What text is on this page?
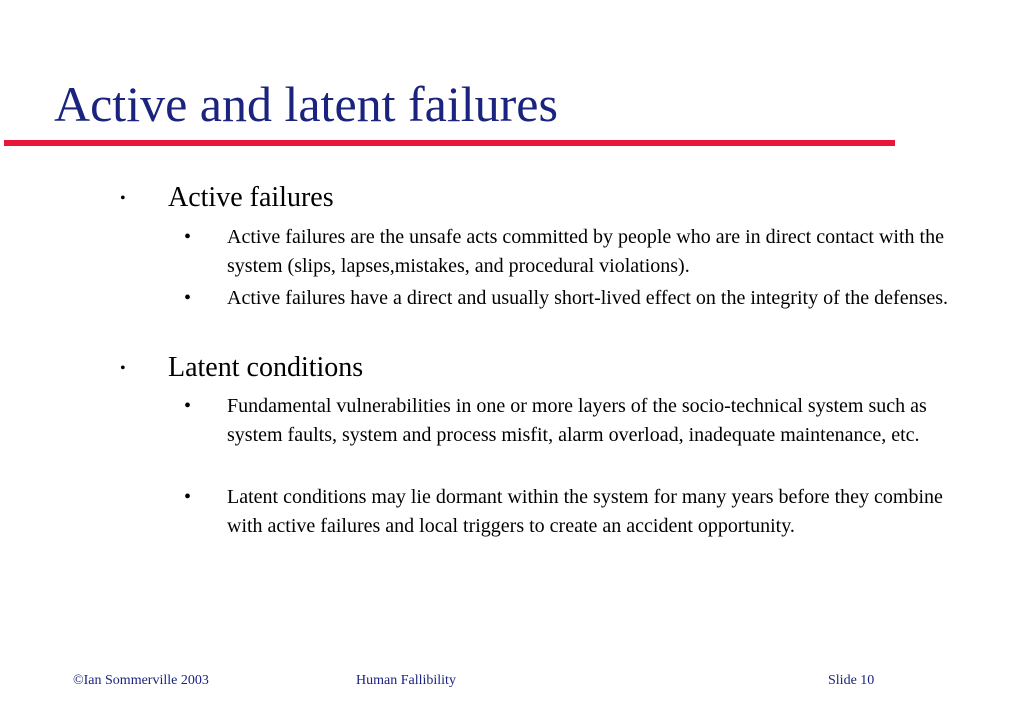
Active and latent failures
• Active failures
• Active failures are the unsafe acts committed by people who are in direct contact with the system (slips, lapses,mistakes, and procedural violations).
• Active failures have a direct and usually short-lived effect on the integrity of the defenses.
• Latent conditions
• Fundamental vulnerabilities in one or more layers of the socio-technical system such as system faults, system and process misfit, alarm overload, inadequate maintenance, etc.
• Latent conditions may lie dormant within the system for many years before they combine with active failures and local triggers to create an accident opportunity.
©Ian Sommerville 2003	Human Fallibility	Slide 10
